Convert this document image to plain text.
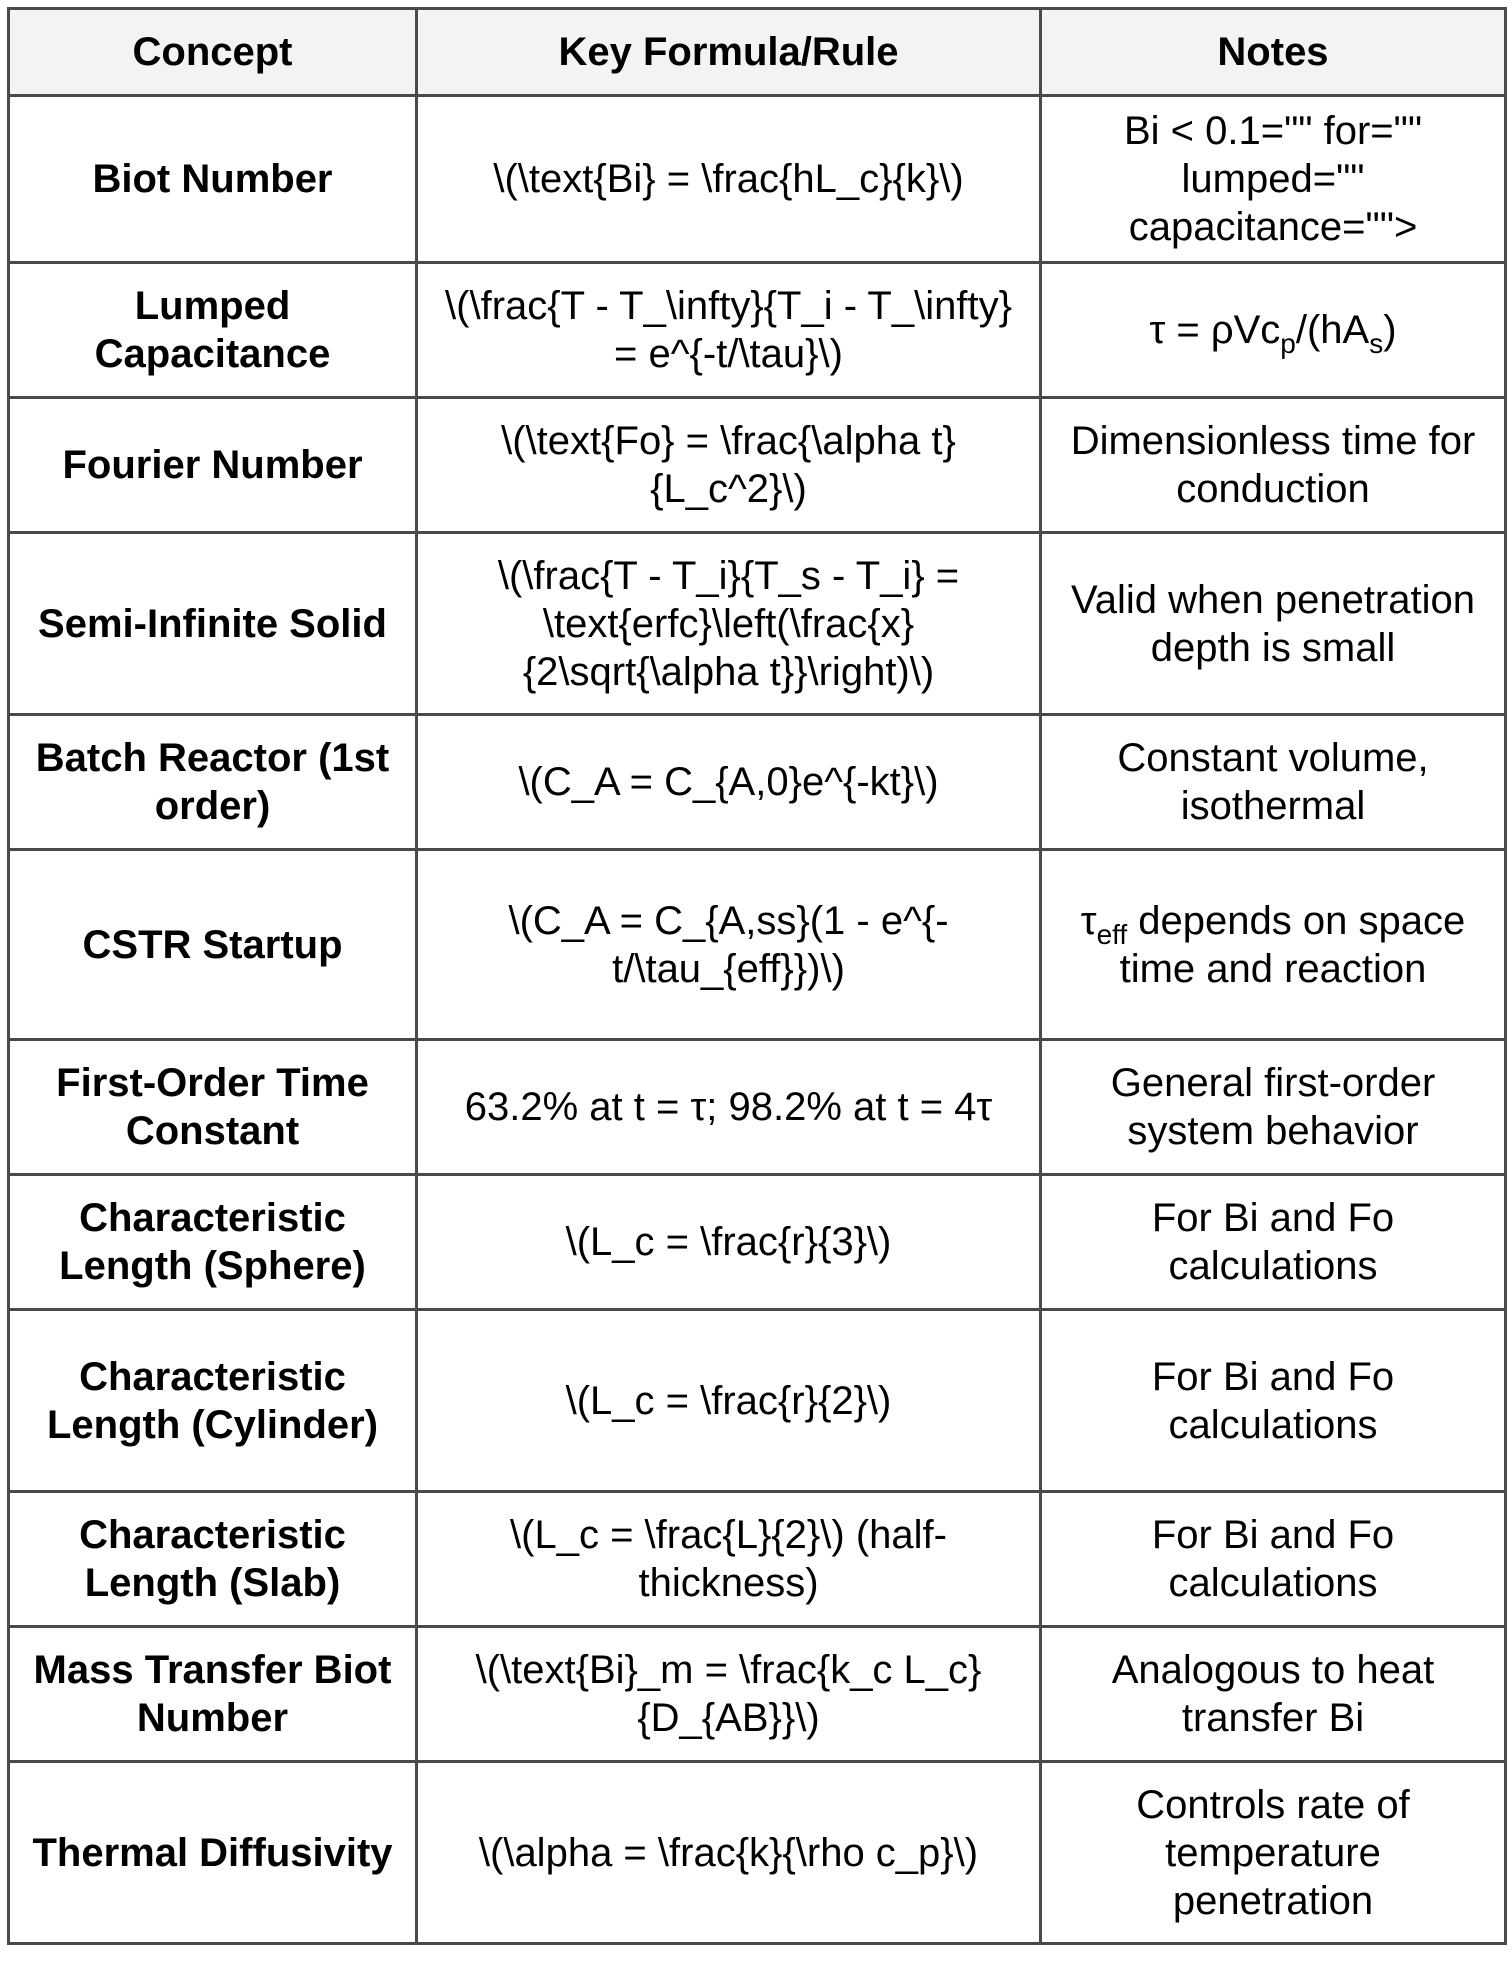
Concept	Key Formula/Rule	Notes
Biot Number	\(\text{Bi} = \frac{hL_c}{k}\)	Bi < 0.1="" for="" lumped="" capacitance="">
Lumped Capacitance	\(\frac{T - T_\infty}{T_i - T_\infty} = e^{-t/\tau}\)	$\tau = \rho Vc_p/(hA_s)$
Fourier Number	\(\text{Fo} = \frac{\alpha t}{L_c^2}\)	Dimensionless time for conduction
Semi-Infinite Solid	\(\frac{T - T_i}{T_s - T_i} = \text{erfc}\left(\frac{x}{2\sqrt{\alpha t}}\right)\)	Valid when penetration depth is small
Batch Reactor (1st order)	\(C_A = C_{A,0}e^{-kt}\)	Constant volume, isothermal
CSTR Startup	\(C_A = C_{A,ss}(1 - e^{-t/\tau_{eff}})\)	$\tau_{eff}$ depends on space time and reaction
First-Order Time Constant	63.2% at t = τ; 98.2% at t = 4τ	General first-order system behavior
Characteristic Length (Sphere)	\(L_c = \frac{r}{3}\)	For Bi and Fo calculations
Characteristic Length (Cylinder)	\(L_c = \frac{r}{2}\)	For Bi and Fo calculations
Characteristic Length (Slab)	\(L_c = \frac{L}{2}\) (half-thickness)	For Bi and Fo calculations
Mass Transfer Biot Number	\(\text{Bi}_m = \frac{k_c L_c}{D_{AB}}\)	Analogous to heat transfer Bi
Thermal Diffusivity	\(\alpha = \frac{k}{\rho c_p}\)	Controls rate of temperature penetration
